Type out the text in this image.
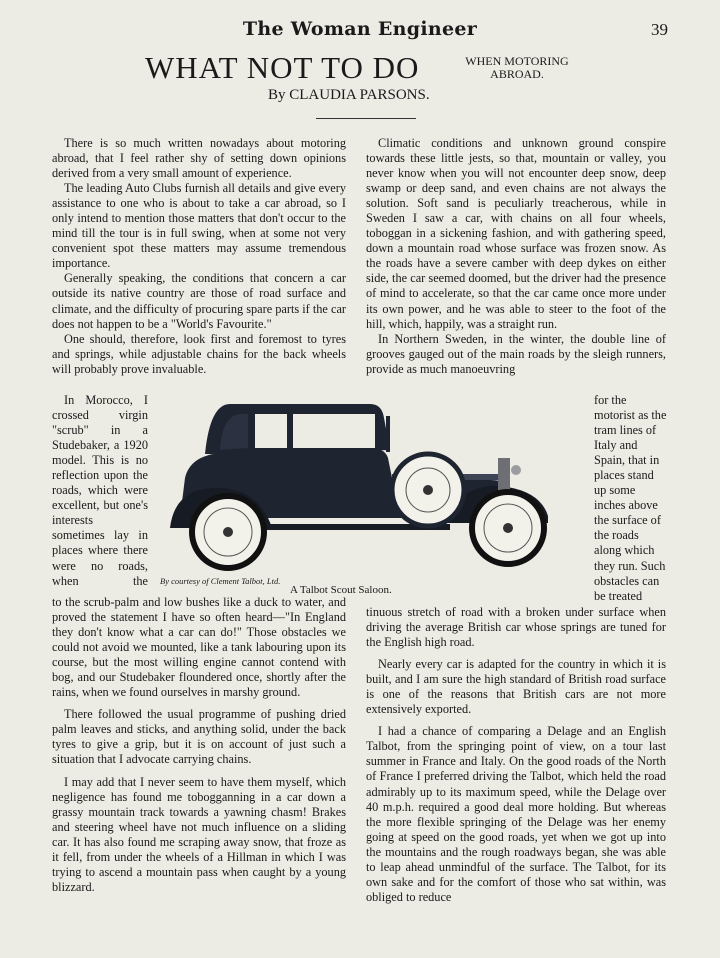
The Woman Engineer	39
WHAT NOT TO DO	WHEN MOTORING ABROAD.
By CLAUDIA PARSONS.

There is so much written nowadays about motoring abroad, that I feel rather shy of setting down opinions derived from a very small amount of experience.

The leading Auto Clubs furnish all details and give every assistance to one who is about to take a car abroad, so I only intend to mention those matters that don't occur to the mind till the tour is in full swing, when at some not very convenient spot these matters may assume tremendous importance.

Generally speaking, the conditions that concern a car outside its native country are those of road surface and climate, and the difficulty of procuring spare parts if the car does not happen to be a "World's Favourite."

One should, therefore, look first and foremost to tyres and springs, while adjustable chains for the back wheels will probably prove invaluable.

In Morocco, I crossed virgin "scrub" in a Studebaker, a 1920 model. This is no reflection upon the roads, which were excellent, but one's interests sometimes lay in places where there were no roads, when the

to the scrub-palm and low bushes like a duck to water, and proved the statement I have so often heard—"In England they don't know what a car can do!" Those obstacles we could not avoid we mounted, like a tank labouring upon its course, but the most willing engine cannot contend with bog, and our Studebaker floundered once, shortly after the rains, when we found ourselves in marshy ground.

There followed the usual programme of pushing dried palm leaves and sticks, and anything solid, under the back tyres to give a grip, but it is on account of just such a situation that I advocate carrying chains.

I may add that I never seem to have them myself, which negligence has found me tobogganning in a car down a grassy mountain track towards a yawning chasm! Brakes and steering wheel have not much influence on a sliding car. It has also found me scraping away snow, that froze as it fell, from under the wheels of a Hillman in which I was trying to ascend a mountain pass when caught by a young blizzard.

Climatic conditions and unknown ground conspire towards these little jests, so that, mountain or valley, you never know when you will not encounter deep snow, deep swamp or deep sand, and even chains are not always the solution. Soft sand is peculiarly treacherous, while in Sweden I saw a car, with chains on all four wheels, toboggan in a sickening fashion, and with gathering speed, down a mountain road whose surface was frozen snow. As the roads have a severe camber with deep dykes on either side, the car seemed doomed, but the driver had the presence of mind to accelerate, so that the car came once more under its own power, and he was able to steer to the foot of the hill, which, happily, was a straight run.

In Northern Sweden, in the winter, the double line of grooves gauged out of the main roads by the sleigh runners, provide as much manoeuvring

for the motorist as the tram lines of Italy and Spain, that in places stand up some inches above the surface of the roads along which they run. Such obstacles can be treated

tinuous stretch of road with a broken under surface when driving the average British car whose springs are tuned for the English high road.

Nearly every car is adapted for the country in which it is built, and I am sure the high standard of British road surface is one of the reasons that British cars are not more extensively exported.

I had a chance of comparing a Delage and an English Talbot, from the springing point of view, on a tour last summer in France and Italy. On the good roads of the North of France I preferred driving the Talbot, which held the road admirably up to its maximum speed, while the Delage over 40 m.p.h. required a good deal more holding. But whereas the more flexible springing of the Delage was her enemy going at speed on the good roads, yet when we got up into the mountains and the rough roadways began, she was able to leap ahead unmindful of the surface. The Talbot, for its own sake and for the comfort of those who sat within, was obliged to reduce

By courtesy of Clement Talbot, Ltd.
A Talbot Scout Saloon.
